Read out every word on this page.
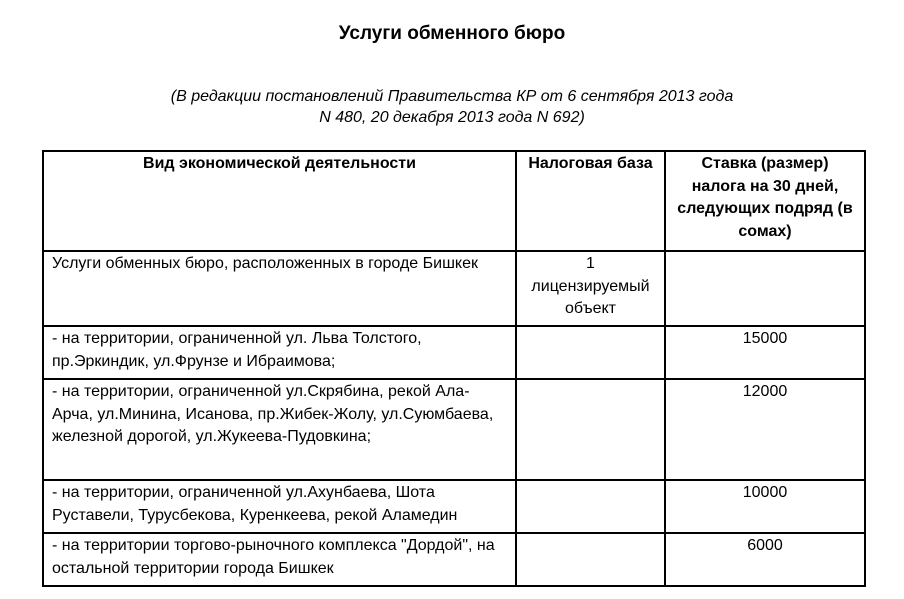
Услуги обменного бюро
(В редакции постановлений Правительства КР от 6 сентября 2013 года
N 480, 20 декабря 2013 года N 692)
Вид экономической деятельности	Налоговая база	Ставка (размер) налога на 30 дней, следующих подряд (в сомах)
Услуги обменных бюро, расположенных в городе Бишкек	1 лицензируемый объект	
- на территории, ограниченной ул. Льва Толстого, пр.Эркиндик, ул.Фрунзе и Ибраимова;		15000
- на территории, ограниченной ул.Скрябина, рекой Ала-Арча, ул.Минина, Исанова, пр.Жибек-Жолу, ул.Суюмбаева, железной дорогой, ул.Жукеева-Пудовкина;		12000
- на территории, ограниченной ул.Ахунбаева, Шота Руставели, Турусбекова, Куренкеева, рекой Аламедин		10000
- на территории торгово-рыночного комплекса "Дордой", на остальной территории города Бишкек		6000
